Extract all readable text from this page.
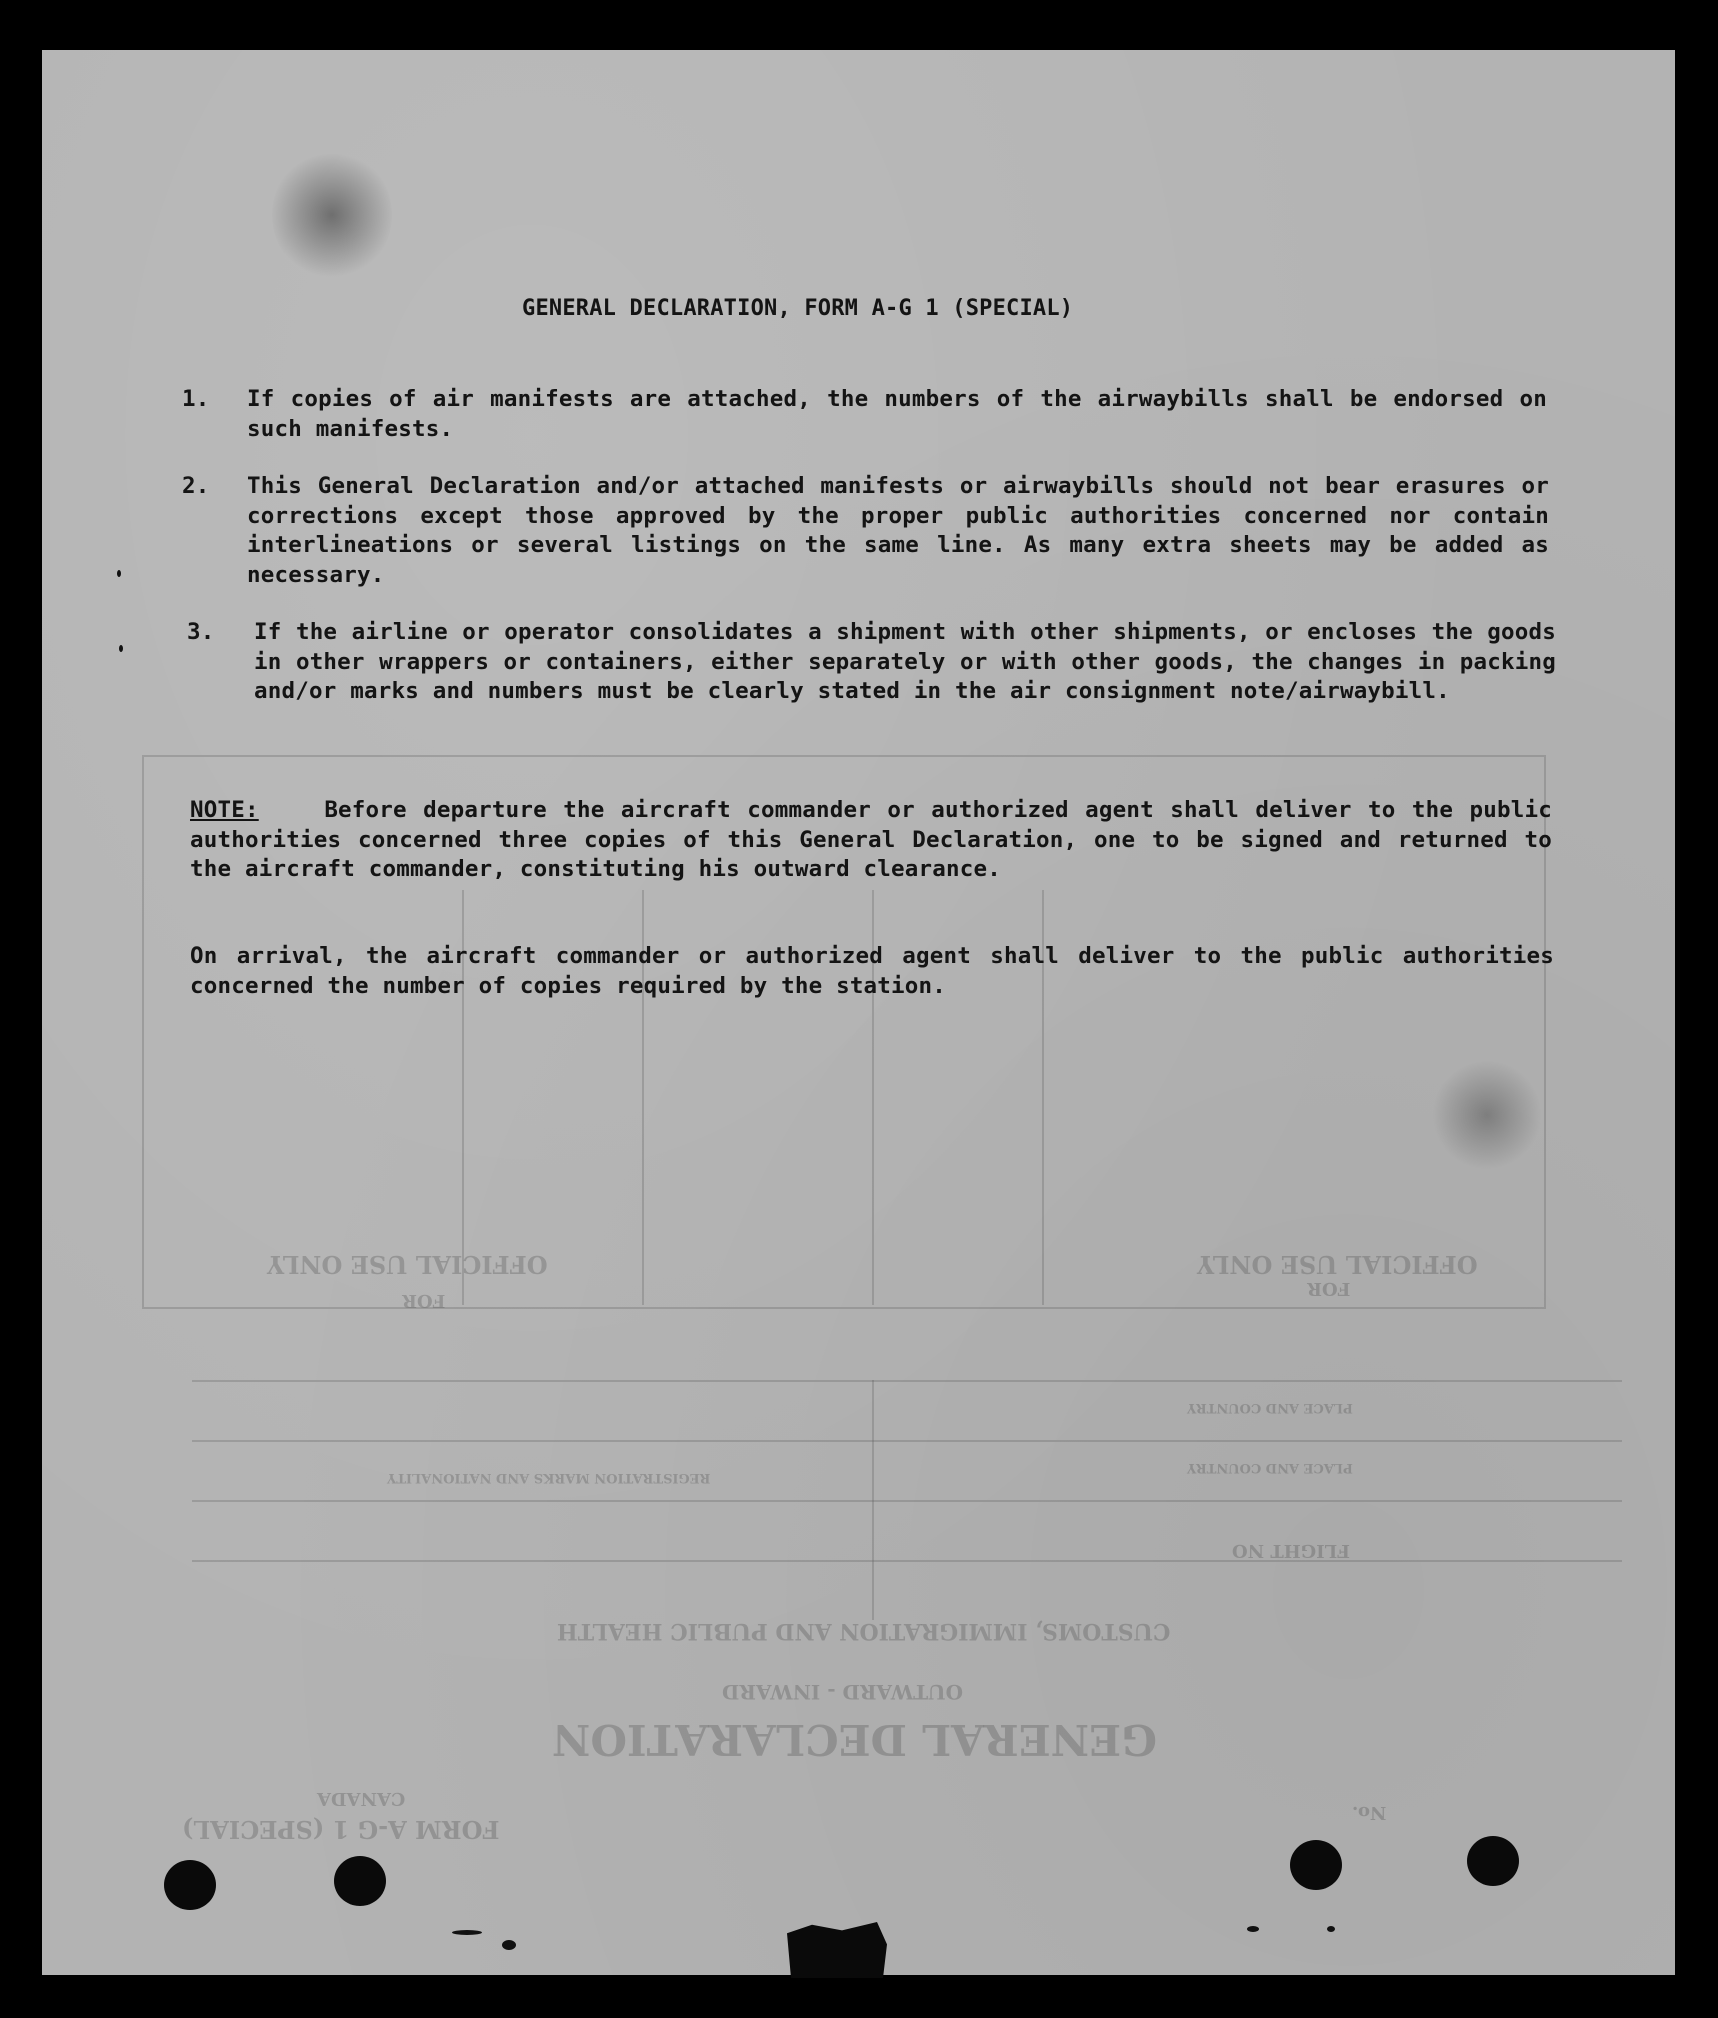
OFFICIAL USE ONLY
FOR
OFFICIAL USE ONLY
FOR
CUSTOMS, IMMIGRATION AND PUBLIC HEALTH
OUTWARD - INWARD
GENERAL DECLARATION
CANADA
FORM A-G 1 (SPECIAL)
FLIGHT NO
PLACE AND COUNTRY
PLACE AND COUNTRY
REGISTRATION MARKS AND NATIONALITY
No.
GENERAL DECLARATION, FORM A-G 1 (SPECIAL)
1. If copies of air manifests are attached, the numbers of the airwaybills shall be endorsed on such manifests.
2. This General Declaration and/or attached manifests or airwaybills should not bear erasures or corrections except those approved by the proper public authorities concerned nor contain interlineations or several listings on the same line. As many extra sheets may be added as necessary.
3. If the airline or operator consolidates a shipment with other shipments, or encloses the goods in other wrappers or containers, either separately or with other goods, the changes in packing and/or marks and numbers must be clearly stated in the air consignment note/airwaybill.
NOTE:	Before departure the aircraft commander or authorized agent shall deliver to the public authorities concerned three copies of this General Declaration, one to be signed and returned to the aircraft commander, constituting his outward clearance.
On arrival, the aircraft commander or authorized agent shall deliver to the public authorities concerned the number of copies required by the station.
